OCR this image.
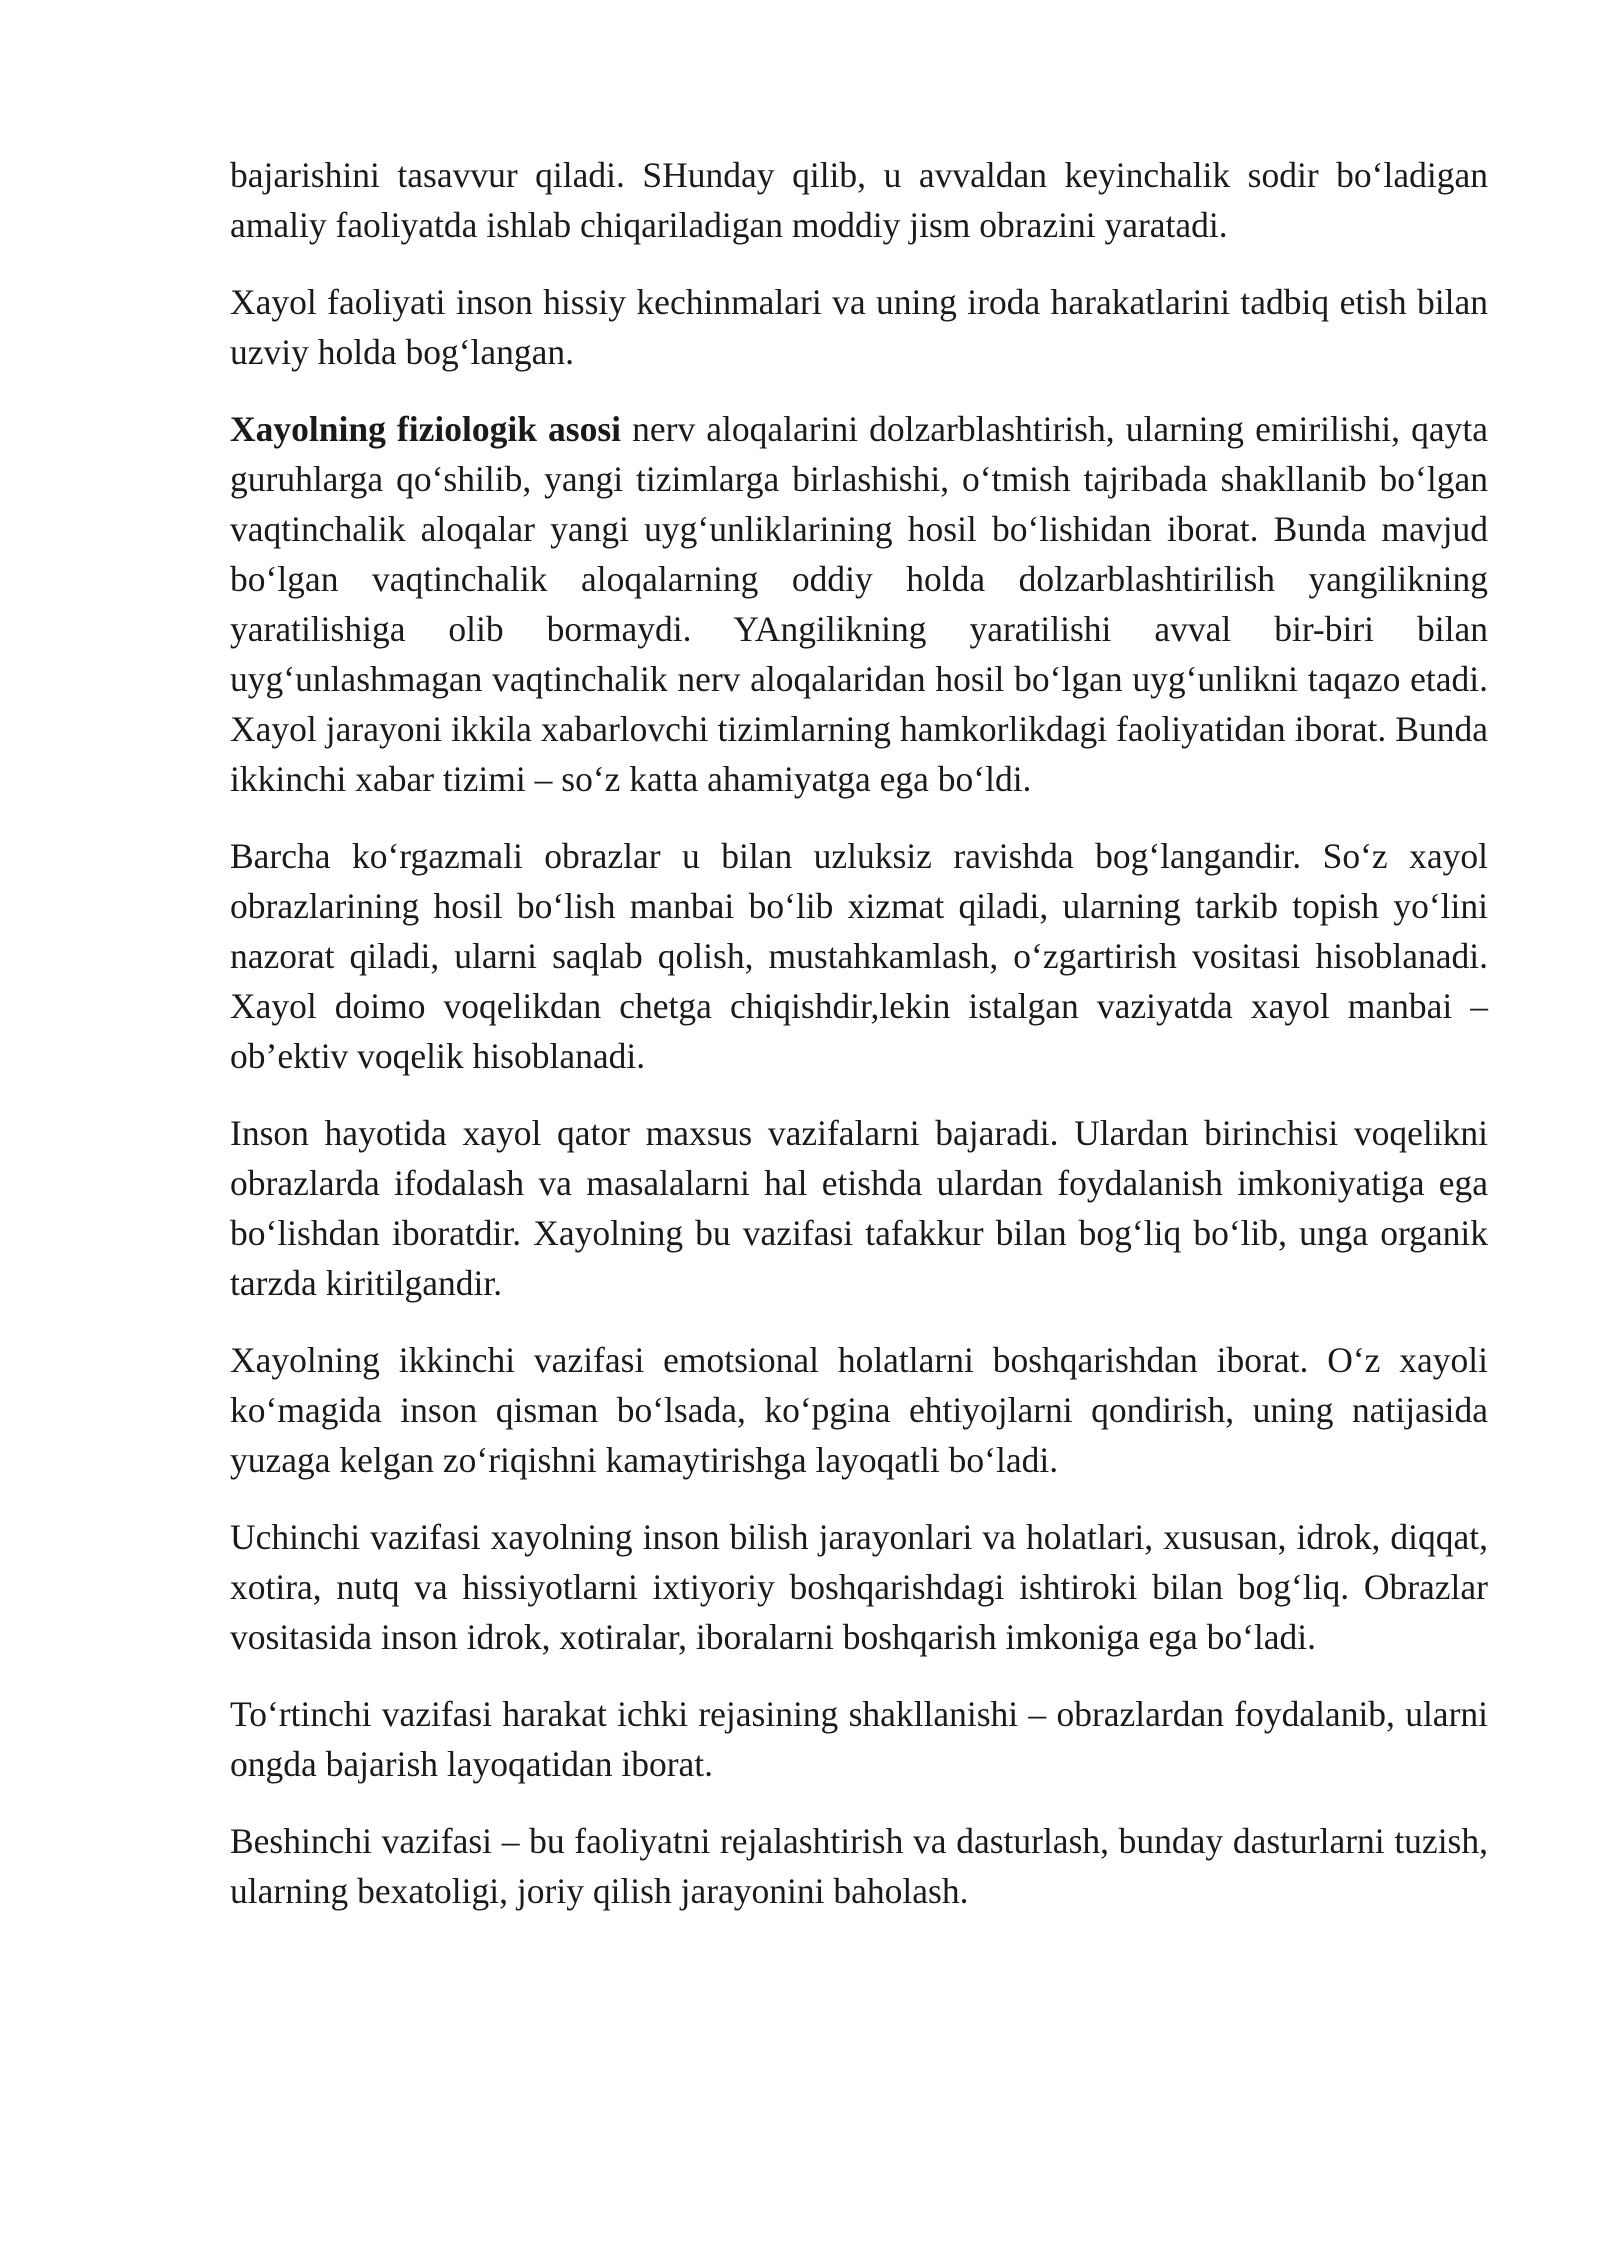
bajarishini tasavvur qiladi. SHunday qilib, u avvaldan keyinchalik sodir bo‘ladigan amaliy faoliyatda ishlab chiqariladigan moddiy jism obrazini yaratadi.

Xayol faoliyati inson hissiy kechinmalari va uning iroda harakatlarini tadbiq etish bilan uzviy holda bog‘langan.

Xayolning fiziologik asosi nerv aloqalarini dolzarblashtirish, ularning emirilishi, qayta guruhlarga qo‘shilib, yangi tizimlarga birlashishi, o‘tmish tajribada shakllanib bo‘lgan vaqtinchalik aloqalar yangi uyg‘unliklarining hosil bo‘lishidan iborat. Bunda mavjud bo‘lgan vaqtinchalik aloqalarning oddiy holda dolzarblashtirilish yangilikning yaratilishiga olib bormaydi. YAngilikning yaratilishi avval bir-biri bilan uyg‘unlashmagan vaqtinchalik nerv aloqalaridan hosil bo‘lgan uyg‘unlikni taqazo etadi. Xayol jarayoni ikkila xabarlovchi tizimlarning hamkorlikdagi faoliyatidan iborat. Bunda ikkinchi xabar tizimi – so‘z katta ahamiyatga ega bo‘ldi.

Barcha ko‘rgazmali obrazlar u bilan uzluksiz ravishda bog‘langandir. So‘z xayol obrazlarining hosil bo‘lish manbai bo‘lib xizmat qiladi, ularning tarkib topish yo‘lini nazorat qiladi, ularni saqlab qolish, mustahkamlash, o‘zgartirish vositasi hisoblanadi. Xayol doimo voqelikdan chetga chiqishdir,lekin istalgan vaziyatda xayol manbai – ob’ektiv voqelik hisoblanadi.

Inson hayotida xayol qator maxsus vazifalarni bajaradi. Ulardan birinchisi voqelikni obrazlarda ifodalash va masalalarni hal etishda ulardan foydalanish imkoniyatiga ega bo‘lishdan iboratdir. Xayolning bu vazifasi tafakkur bilan bog‘liq bo‘lib, unga organik tarzda kiritilgandir.

Xayolning ikkinchi vazifasi emotsional holatlarni boshqarishdan iborat. O‘z xayoli ko‘magida inson qisman bo‘lsada, ko‘pgina ehtiyojlarni qondirish, uning natijasida yuzaga kelgan zo‘riqishni kamaytirishga layoqatli bo‘ladi.

Uchinchi vazifasi xayolning inson bilish jarayonlari va holatlari, xususan, idrok, diqqat, xotira, nutq va hissiyotlarni ixtiyoriy boshqarishdagi ishtiroki bilan bog‘liq. Obrazlar vositasida inson idrok, xotiralar, iboralarni boshqarish imkoniga ega bo‘ladi.

To‘rtinchi vazifasi harakat ichki rejasining shakllanishi – obrazlardan foydalanib, ularni ongda bajarish layoqatidan iborat.

Beshinchi vazifasi – bu faoliyatni rejalashtirish va dasturlash, bunday dasturlarni tuzish, ularning bexatoligi, joriy qilish jarayonini baholash.
